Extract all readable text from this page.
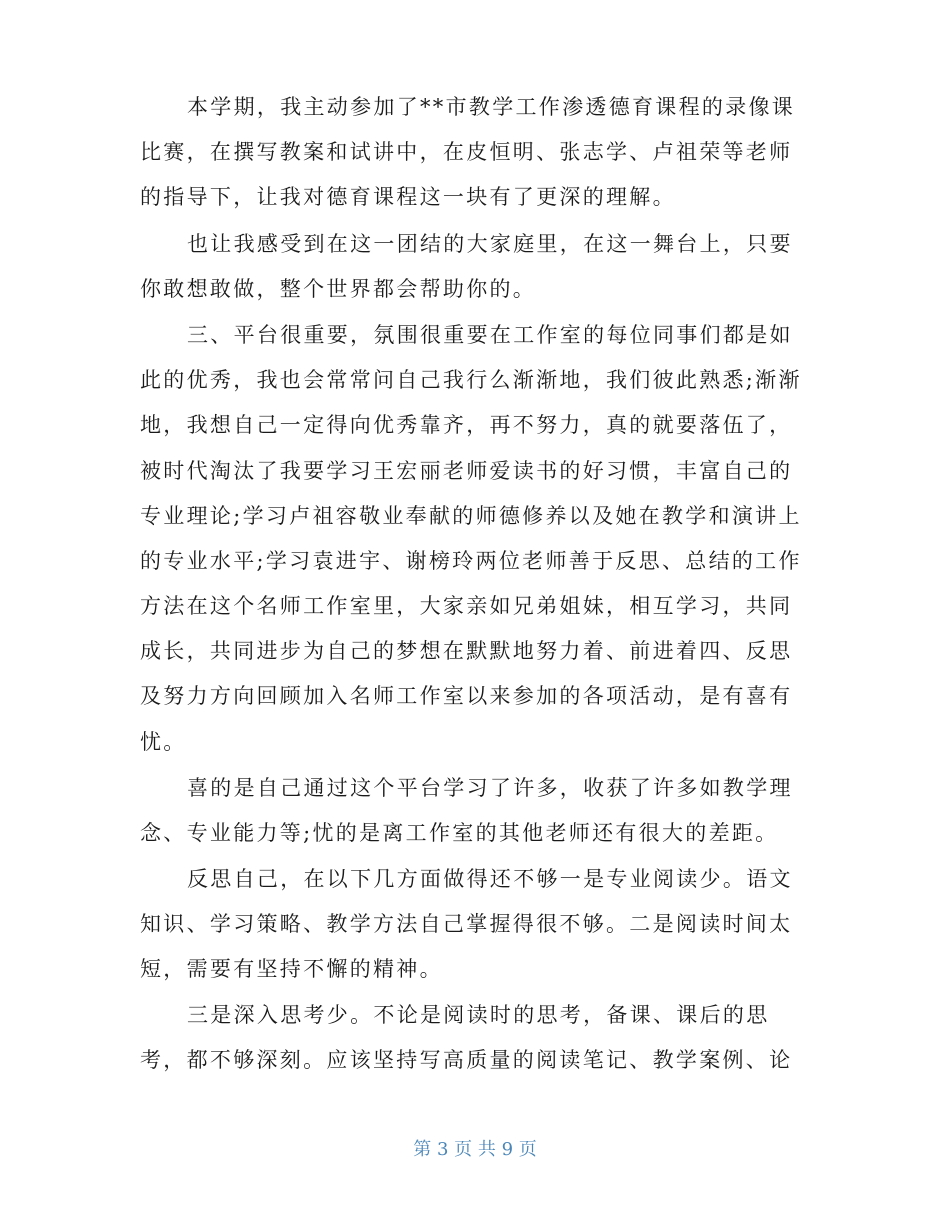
本学期，我主动参加了**市教学工作渗透德育课程的录像课
比赛，在撰写教案和试讲中，在皮恒明、张志学、卢祖荣等老师
的指导下，让我对德育课程这一块有了更深的理解。
也让我感受到在这一团结的大家庭里，在这一舞台上，只要
你敢想敢做，整个世界都会帮助你的。
三、平台很重要，氛围很重要在工作室的每位同事们都是如
此的优秀，我也会常常问自己我行么渐渐地，我们彼此熟悉;渐渐
地，我想自己一定得向优秀靠齐，再不努力，真的就要落伍了，
被时代淘汰了我要学习王宏丽老师爱读书的好习惯，丰富自己的
专业理论;学习卢祖容敬业奉献的师德修养以及她在教学和演讲上
的专业水平;学习袁进宇、谢榜玲两位老师善于反思、总结的工作
方法在这个名师工作室里，大家亲如兄弟姐妹，相互学习，共同
成长，共同进步为自己的梦想在默默地努力着、前进着四、反思
及努力方向回顾加入名师工作室以来参加的各项活动，是有喜有
忧。
喜的是自己通过这个平台学习了许多，收获了许多如教学理
念、专业能力等;忧的是离工作室的其他老师还有很大的差距。
反思自己，在以下几方面做得还不够一是专业阅读少。语文
知识、学习策略、教学方法自己掌握得很不够。二是阅读时间太
短，需要有坚持不懈的精神。
三是深入思考少。不论是阅读时的思考，备课、课后的思
考，都不够深刻。应该坚持写高质量的阅读笔记、教学案例、论
第 3 页 共 9 页
